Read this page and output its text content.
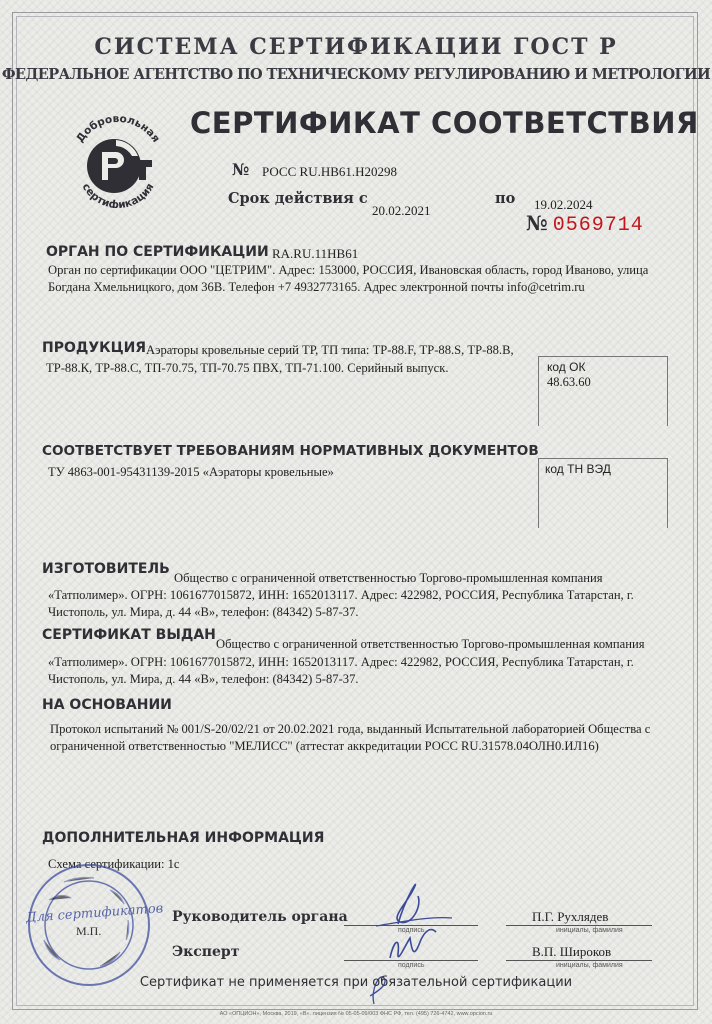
СИСТЕМА СЕРТИФИКАЦИИ ГОСТ Р
ФЕДЕРАЛЬНОЕ АГЕНТСТВО ПО ТЕХНИЧЕСКОМУ РЕГУЛИРОВАНИЮ И МЕТРОЛОГИИ
Добровольная
сертификация
СЕРТИФИКАТ СООТВЕТСТВИЯ
№ РОСС RU.HB61.H20298
Срок действия с
20.02.2021
по 19.02.2024
№ 0569714
ОРГАН ПО СЕРТИФИКАЦИИ RA.RU.11HB61
Орган по сертификации ООО "ЦЕТРИМ". Адрес: 153000, РОССИЯ, Ивановская область, город Иваново, улица Богдана Хмельницкого, дом 36В. Телефон +7 4932773165. Адрес электронной почты info@cetrim.ru
ПРОДУКЦИЯ Аэраторы кровельные серий ТР, ТП типа: ТР-88.F, ТР-88.S, ТР-88.В,
ТР-88.К, ТР-88.С, ТП-70.75, ТП-70.75 ПВХ, ТП-71.100. Серийный выпуск.	код ОК
48.63.60
СООТВЕТСТВУЕТ ТРЕБОВАНИЯМ НОРМАТИВНЫХ ДОКУМЕНТОВ
ТУ 4863-001-95431139-2015 «Аэраторы кровельные»	код ТН ВЭД
ИЗГОТОВИТЕЛЬ
Общество с ограниченной ответственностью Торгово-промышленная компания
«Татполимер». ОГРН: 1061677015872, ИНН: 1652013117. Адрес: 422982, РОССИЯ, Республика Татарстан, г.
Чистополь, ул. Мира, д. 44 «В», телефон: (84342) 5-87-37.
СЕРТИФИКАТ ВЫДАН
Общество с ограниченной ответственностью Торгово-промышленная компания
«Татполимер». ОГРН: 1061677015872, ИНН: 1652013117. Адрес: 422982, РОССИЯ, Республика Татарстан, г.
Чистополь, ул. Мира, д. 44 «В», телефон: (84342) 5-87-37.
НА ОСНОВАНИИ
Протокол испытаний № 001/S-20/02/21 от 20.02.2021 года, выданный Испытательной лабораторией Общества с
ограниченной ответственностью "МЕЛИСС" (аттестат аккредитации РОСС RU.31578.04ОЛН0.ИЛ16)
ДОПОЛНИТЕЛЬНАЯ ИНФОРМАЦИЯ
Схема сертификации: 1с
Для сертификатов
М.П.
Руководитель органа
подпись
П.Г. Рухлядев
инициалы, фамилия
Эксперт
подпись
В.П. Широков
инициалы, фамилия
Сертификат не применяется при обязательной сертификации
АО «ОПЦИОН», Москва, 2019, «В». лицензия № 05-05-09/003 ФНС РФ, тел. (495) 726-4742, www.opcion.ru
